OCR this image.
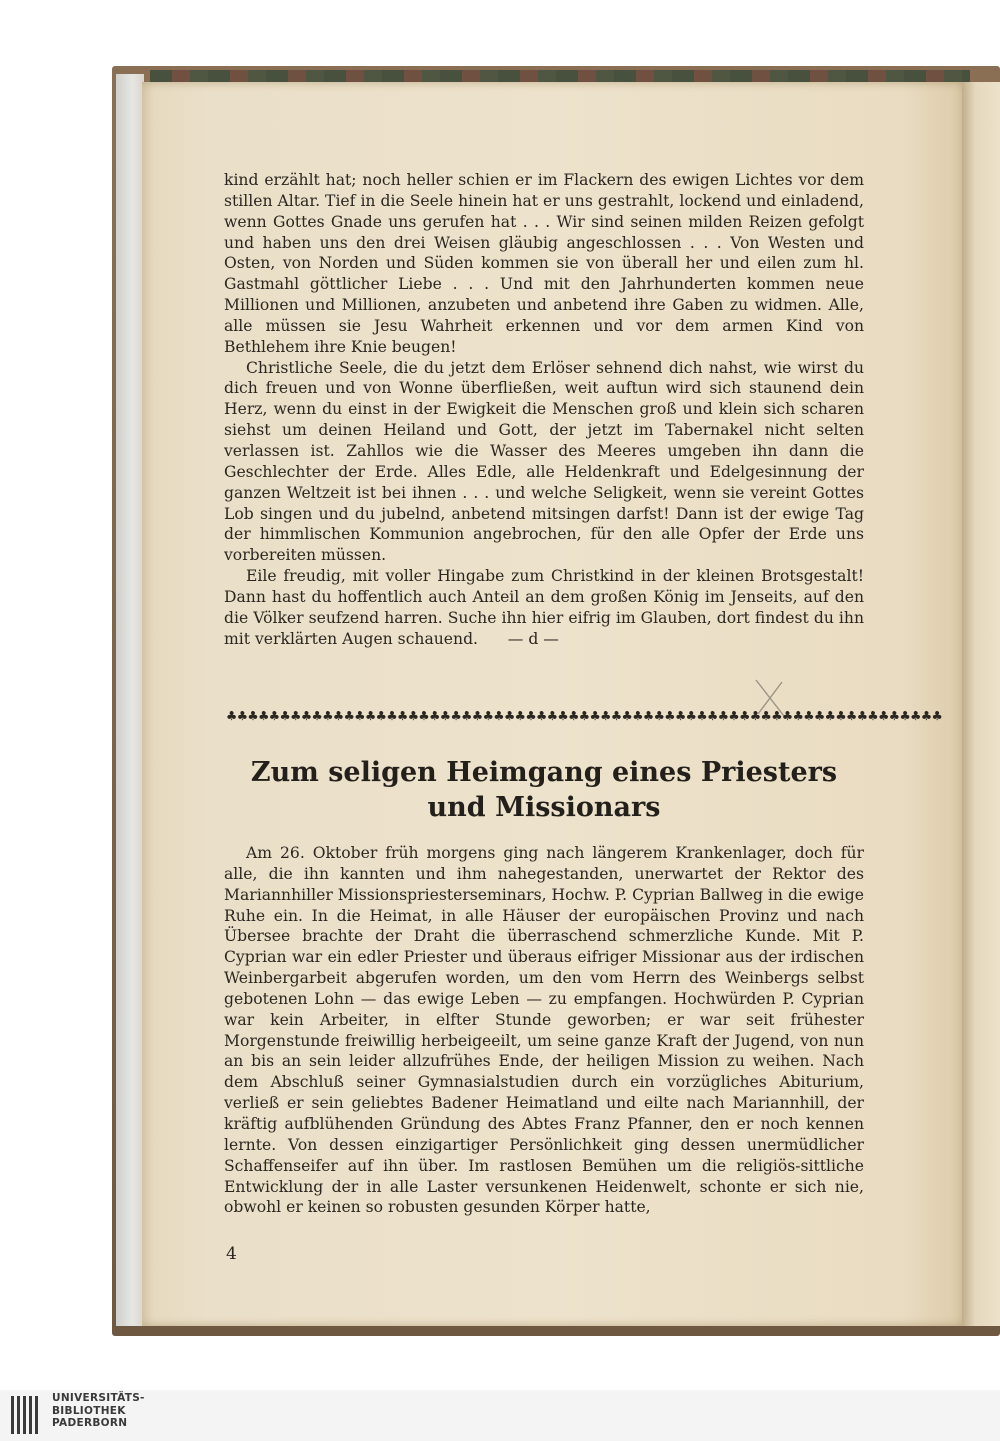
kind erzählt hat; noch heller schien er im Flackern des ewigen Lichtes vor dem stillen Altar. Tief in die Seele hinein hat er uns gestrahlt, lockend und einladend, wenn Gottes Gnade uns gerufen hat . . . Wir sind seinen milden Reizen gefolgt und haben uns den drei Weisen gläubig angeschlossen . . . Von Westen und Osten, von Norden und Süden kommen sie von überall her und eilen zum hl. Gastmahl göttlicher Liebe . . . Und mit den Jahrhunderten kommen neue Millionen und Millionen, anzubeten und anbetend ihre Gaben zu widmen. Alle, alle müssen sie Jesu Wahrheit erkennen und vor dem armen Kind von Bethlehem ihre Knie beugen!

Christliche Seele, die du jetzt dem Erlöser sehnend dich nahst, wie wirst du dich freuen und von Wonne überfließen, weit auftun wird sich staunend dein Herz, wenn du einst in der Ewigkeit die Menschen groß und klein sich scharen siehst um deinen Heiland und Gott, der jetzt im Tabernakel nicht selten verlassen ist. Zahllos wie die Wasser des Meeres umgeben ihn dann die Geschlechter der Erde. Alles Edle, alle Heldenkraft und Edelgesinnung der ganzen Weltzeit ist bei ihnen . . . und welche Seligkeit, wenn sie vereint Gottes Lob singen und du jubelnd, anbetend mitsingen darfst! Dann ist der ewige Tag der himmlischen Kommunion angebrochen, für den alle Opfer der Erde uns vorbereiten müssen.

Eile freudig, mit voller Hingabe zum Christkind in der kleinen Brotsgestalt! Dann hast du hoffentlich auch Anteil an dem großen König im Jenseits, auf den die Völker seufzend harren. Suche ihn hier eifrig im Glauben, dort findest du ihn mit verklärten Augen schauend. — d —

♣♣♣♣♣♣♣♣♣♣♣♣♣♣♣♣♣♣♣♣♣♣♣♣♣♣♣♣♣♣♣♣♣♣♣♣♣♣♣♣♣♣♣♣♣♣♣♣♣♣♣♣♣♣♣♣♣♣♣♣♣♣♣♣♣♣♣
Zum seligen Heimgang eines Priesters
und Missionars

Am 26. Oktober früh morgens ging nach längerem Krankenlager, doch für alle, die ihn kannten und ihm nahegestanden, unerwartet der Rektor des Mariannhiller Missionspriesterseminars, Hochw. P. Cyprian Ballweg in die ewige Ruhe ein. In die Heimat, in alle Häuser der europäischen Provinz und nach Übersee brachte der Draht die überraschend schmerzliche Kunde. Mit P. Cyprian war ein edler Priester und überaus eifriger Missionar aus der irdischen Weinbergarbeit abgerufen worden, um den vom Herrn des Weinbergs selbst gebotenen Lohn — das ewige Leben — zu empfangen. Hochwürden P. Cyprian war kein Arbeiter, in elfter Stunde geworben; er war seit frühester Morgenstunde freiwillig herbeigeeilt, um seine ganze Kraft der Jugend, von nun an bis an sein leider allzufrühes Ende, der heiligen Mission zu weihen. Nach dem Abschluß seiner Gymnasialstudien durch ein vorzügliches Abiturium, verließ er sein geliebtes Badener Heimatland und eilte nach Mariannhill, der kräftig aufblühenden Gründung des Abtes Franz Pfanner, den er noch kennen lernte. Von dessen einzigartiger Persönlichkeit ging dessen unermüdlicher Schaffenseifer auf ihn über. Im rastlosen Bemühen um die religiös-sittliche Entwicklung der in alle Laster versunkenen Heidenwelt, schonte er sich nie, obwohl er keinen so robusten gesunden Körper hatte,

4
UNIVERSITÄTS-
BIBLIOTHEK
PADERBORN
